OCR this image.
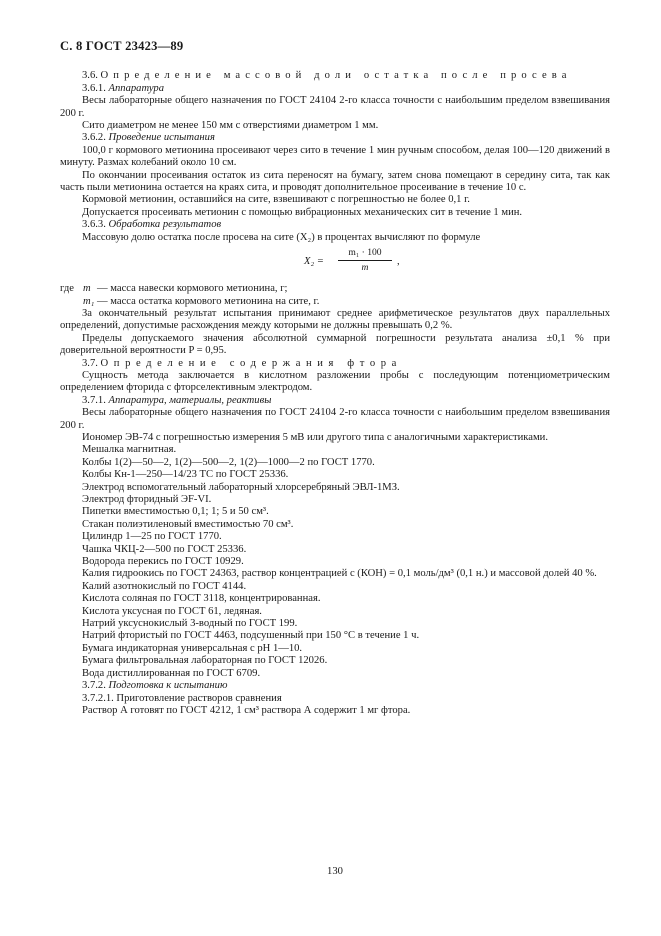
С. 8 ГОСТ 23423—89

3.6. Определение массовой доли остатка после просева

3.6.1. Аппаратура

Весы лабораторные общего назначения по ГОСТ 24104 2-го класса точности с наибольшим пределом взвешивания 200 г.

Сито диаметром не менее 150 мм с отверстиями диаметром 1 мм.

3.6.2. Проведение испытания

100,0 г кормового метионина просеивают через сито в течение 1 мин ручным способом, делая 100—120 движений в минуту. Размах колебаний около 10 см.

По окончании просеивания остаток из сита переносят на бумагу, затем снова помещают в середину сита, так как часть пыли метионина остается на краях сита, и проводят дополнительное просеивание в течение 10 с.

Кормовой метионин, оставшийся на сите, взвешивают с погрешностью не более 0,1 г.

Допускается просеивать метионин с помощью вибрационных механических сит в течение 1 мин.

3.6.3. Обработка результатов

Массовую долю остатка после просева на сите (X₂) в процентах вычисляют по формуле

X₂ =
m₁ · 100
m
,
где m — масса навески кормового метионина, г;
m₁ — масса остатка кормового метионина на сите, г.

За окончательный результат испытания принимают среднее арифметическое результатов двух параллельных определений, допустимые расхождения между которыми не должны превышать 0,2 %.

Пределы допускаемого значения абсолютной суммарной погрешности результата анализа ±0,1 % при доверительной вероятности P = 0,95.

3.7. Определение содержания фтора

Сущность метода заключается в кислотном разложении пробы с последующим потенциометрическим определением фторида с фторселективным электродом.

3.7.1. Аппаратура, материалы, реактивы

Весы лабораторные общего назначения по ГОСТ 24104 2-го класса точности с наибольшим пределом взвешивания 200 г.

Иономер ЭВ-74 с погрешностью измерения 5 мВ или другого типа с аналогичными характеристиками.

Мешалка магнитная.

Колбы 1(2)—50—2, 1(2)—500—2, 1(2)—1000—2 по ГОСТ 1770.

Колбы Кн-1—250—14/23 ТС по ГОСТ 25336.

Электрод вспомогательный лабораторный хлорсеребряный ЭВЛ-1МЗ.

Электрод фторидный ЭF-VI.

Пипетки вместимостью 0,1; 1; 5 и 50 см³.

Стакан полиэтиленовый вместимостью 70 см³.

Цилиндр 1—25 по ГОСТ 1770.

Чашка ЧКЦ-2—500 по ГОСТ 25336.

Водорода перекись по ГОСТ 10929.

Калия гидроокись по ГОСТ 24363, раствор концентрацией c (КОН) = 0,1 моль/дм³ (0,1 н.) и массовой долей 40 %.

Калий азотнокислый по ГОСТ 4144.

Кислота соляная по ГОСТ 3118, концентрированная.

Кислота уксусная по ГОСТ 61, ледяная.

Натрий уксуснокислый 3-водный по ГОСТ 199.

Натрий фтористый по ГОСТ 4463, подсушенный при 150 °С в течение 1 ч.

Бумага индикаторная универсальная с рН 1—10.

Бумага фильтровальная лабораторная по ГОСТ 12026.

Вода дистиллированная по ГОСТ 6709.

3.7.2. Подготовка к испытанию

3.7.2.1. Приготовление растворов сравнения

Раствор А готовят по ГОСТ 4212, 1 см³ раствора А содержит 1 мг фтора.

130
